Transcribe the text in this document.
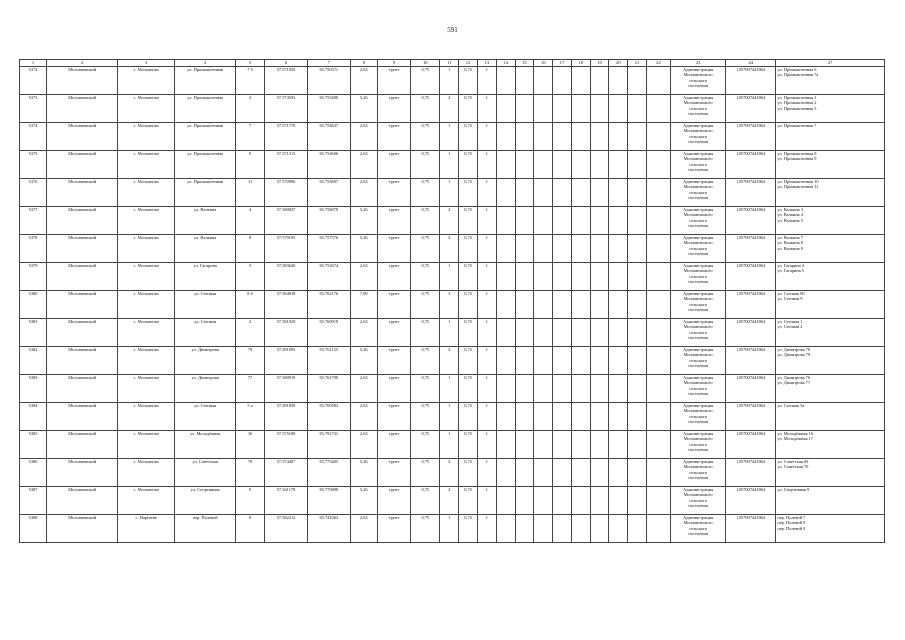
591
1	2	3	4	5	6	7	8	9	10	11	12	13	14	15	16	17	18	19	20	21	22	23	24	27
5372	Молчановский	с. Молчаново	ул. Промышленная	7 б	57.571055	83.750371	2,63	грунт	0,75	1	0,75	1										Администрация
Молчановского
сельского
поселения	1057007441864	ул. Промышленная 6
ул. Промышленная 7а

5373	Молчановский	с. Молчаново	ул. Промышленная	3	57.574593	83.753490	5,26	грунт	0,75	2	0,75	1										Администрация
Молчановского
сельского
поселения	1057007441864	ул. Промышленная 1
ул. Промышленная 2
ул. Промышленная 3

5374	Молчановский	с. Молчаново	ул. Промышленная	7	57.571770	83.754637	2,63	грунт	0,75	1	0,75	1										Администрация
Молчановского
сельского
поселения	1057007441864	ул. Промышленная 7

5375	Молчановский	с. Молчаново	ул. Промышленная	9	57.571313	83.754606	2,63	грунт	0,75	1	0,75	1										Администрация
Молчановского
сельского
поселения	1057007441864	ул. Промышленная 8
ул. Промышленная 9

5376	Молчановский	с. Молчаново	ул. Промышленная	11	57.570996	83.754697	2,63	грунт	0,75	1	0,75	1										Администрация
Молчановского
сельского
поселения	1057007441864	ул. Промышленная 10
ул. Промышленная 11

5377	Молчановский	с. Молчаново	ул. Валкина	4	57.580037	83.758079	5,26	грунт	0,75	2	0,75	1										Администрация
Молчановского
сельского
поселения	1057007441864	ул. Валкина 3
ул. Валкина 4
ул. Валкина 5

5378	Молчановский	с. Молчаново	ул. Валкина	8	57.579105	83.757576	5,26	грунт	0,75	2	0,75	1										Администрация
Молчановского
сельского
поселения	1057007441864	ул. Валкина 7
ул. Валкина 8
ул. Валкина 9

5379	Молчановский	с. Молчаново	ул. Гагарина	5	57.583640	83.752674	2,63	грунт	0,75	1	0,75	1										Администрация
Молчановского
сельского
поселения	1057007441864	ул. Гагарина 4
ул. Гагарина 5

5380	Молчановский	с. Молчаново	ул. Степная	8 б	57.584918	83.762176	7,89	грунт	0,75	3	0,75	1										Администрация
Молчановского
сельского
поселения	1057007441864	ул. Степная 8б
ул. Степная 9

5381	Молчановский	с. Молчаново	ул. Степная	2	57.581920	83.760919	2,63	грунт	0,75	1	0,75	1										Администрация
Молчановского
сельского
поселения	1057007441864	ул. Степная 1
ул. Степная 2

5382	Молчановский	с. Молчаново	ул. Димитрова	79	57.581093	83.761125	5,26	грунт	0,75	2	0,75	1										Администрация
Молчановского
сельского
поселения	1057007441864	ул. Димитрова 78
ул. Димитрова 79

5383	Молчановский	с. Молчаново	ул. Димитрова	77	57.580919	83.761790	2,63	грунт	0,75	1	0,75	1										Администрация
Молчановского
сельского
поселения	1057007441864	ул. Димитрова 76
ул. Димитрова 77

5384	Молчановский	с. Молчаново	ул. Степная	5 а	57.581839	83.760582	2,63	грунт	0,75	1	0,75	1										Администрация
Молчановского
сельского
поселения	1057007441864	ул. Степная 5а

5385	Молчановский	с. Молчаново	ул. Молодёжная	16	57.575108	83.791731	2,63	грунт	0,75	1	0,75	1										Администрация
Молчановского
сельского
поселения	1057007441864	ул. Молодёжная 16
ул. Молодёжная 17

5386	Молчановский	с. Молчаново	ул. Советская	70	57.574407	83.775405	5,26	грунт	0,75	2	0,75	1										Администрация
Молчановского
сельского
поселения	1057007441864	ул. Советская 69
ул. Советская 70

5387	Молчановский	с. Молчаново	ул. Спортивная	9	57.561178	83.770888	5,26	грунт	0,75	2	0,75	1										Администрация
Молчановского
сельского
поселения	1057007441864	ул. Спортивная 9

5388	Молчановский	с. Наргаево	пер. Полевой	9	57.582212	83.741062	2,63	грунт	0,75	1	0,75	1										Администрация
Молчановского
сельского
поселения	1057007441864	пер. Полевой 7
пер. Полевой 8
пер. Полевой 9
